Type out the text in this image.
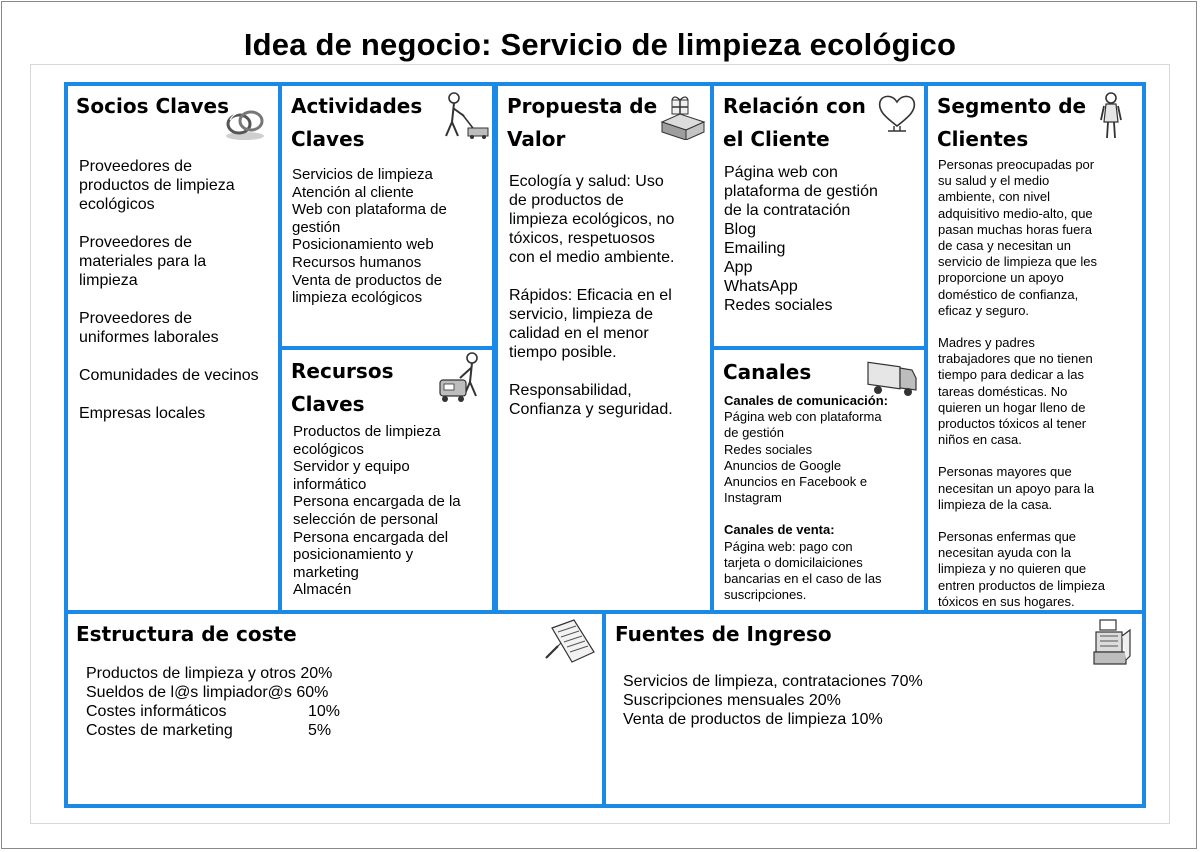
Idea de negocio: Servicio de limpieza ecológico
Socios Claves
Proveedores de
productos de limpieza
ecológicos
Proveedores de
materiales para la
limpieza
Proveedores de
uniformes laborales
Comunidades de vecinos
Empresas locales
Actividades
Claves
Servicios de limpieza
Atención al cliente
Web con plataforma de
gestión
Posicionamiento web
Recursos humanos
Venta de productos de
limpieza ecológicos
Recursos
Claves
Productos de limpieza
ecológicos
Servidor y equipo
informático
Persona encargada de la
selección de personal
Persona encargada del
posicionamiento y
marketing
Almacén
Propuesta de
Valor
Ecología y salud: Uso
de productos de
limpieza ecológicos, no
tóxicos, respetuosos
con el medio ambiente.
Rápidos: Eficacia en el
servicio, limpieza de
calidad en el menor
tiempo posible.
Responsabilidad,
Confianza y seguridad.
Relación con
el Cliente
Página web con
plataforma de gestión
de la contratación
Blog
Emailing
App
WhatsApp
Redes sociales
Canales
Canales de comunicación:
Página web con plataforma
de gestión
Redes sociales
Anuncios de Google
Anuncios en Facebook e
Instagram
Canales de venta:
Página web: pago con
tarjeta o domicilaiciones
bancarias en el caso de las
suscripciones.
Segmento de
Clientes
Personas preocupadas por
su salud y el medio
ambiente, con nivel
adquisitivo medio-alto, que
pasan muchas horas fuera
de casa y necesitan un
servicio de limpieza que les
proporcione un apoyo
doméstico de confianza,
eficaz y seguro.
Madres y padres
trabajadores que no tienen
tiempo para dedicar a las
tareas domésticas. No
quieren un hogar lleno de
productos tóxicos al tener
niños en casa.
Personas mayores que
necesitan un apoyo para la
limpieza de la casa.
Personas enfermas que
necesitan ayuda con la
limpieza y no quieren que
entren productos de limpieza
tóxicos en sus hogares.
Estructura de coste
Productos de limpieza y otros 20%
Sueldos de l@s limpiador@s 60%
Costes informáticos	10%
Costes de marketing	5%
Fuentes de Ingreso
Servicios de limpieza, contrataciones 70%
Suscripciones mensuales 20%
Venta de productos de limpieza 10%
